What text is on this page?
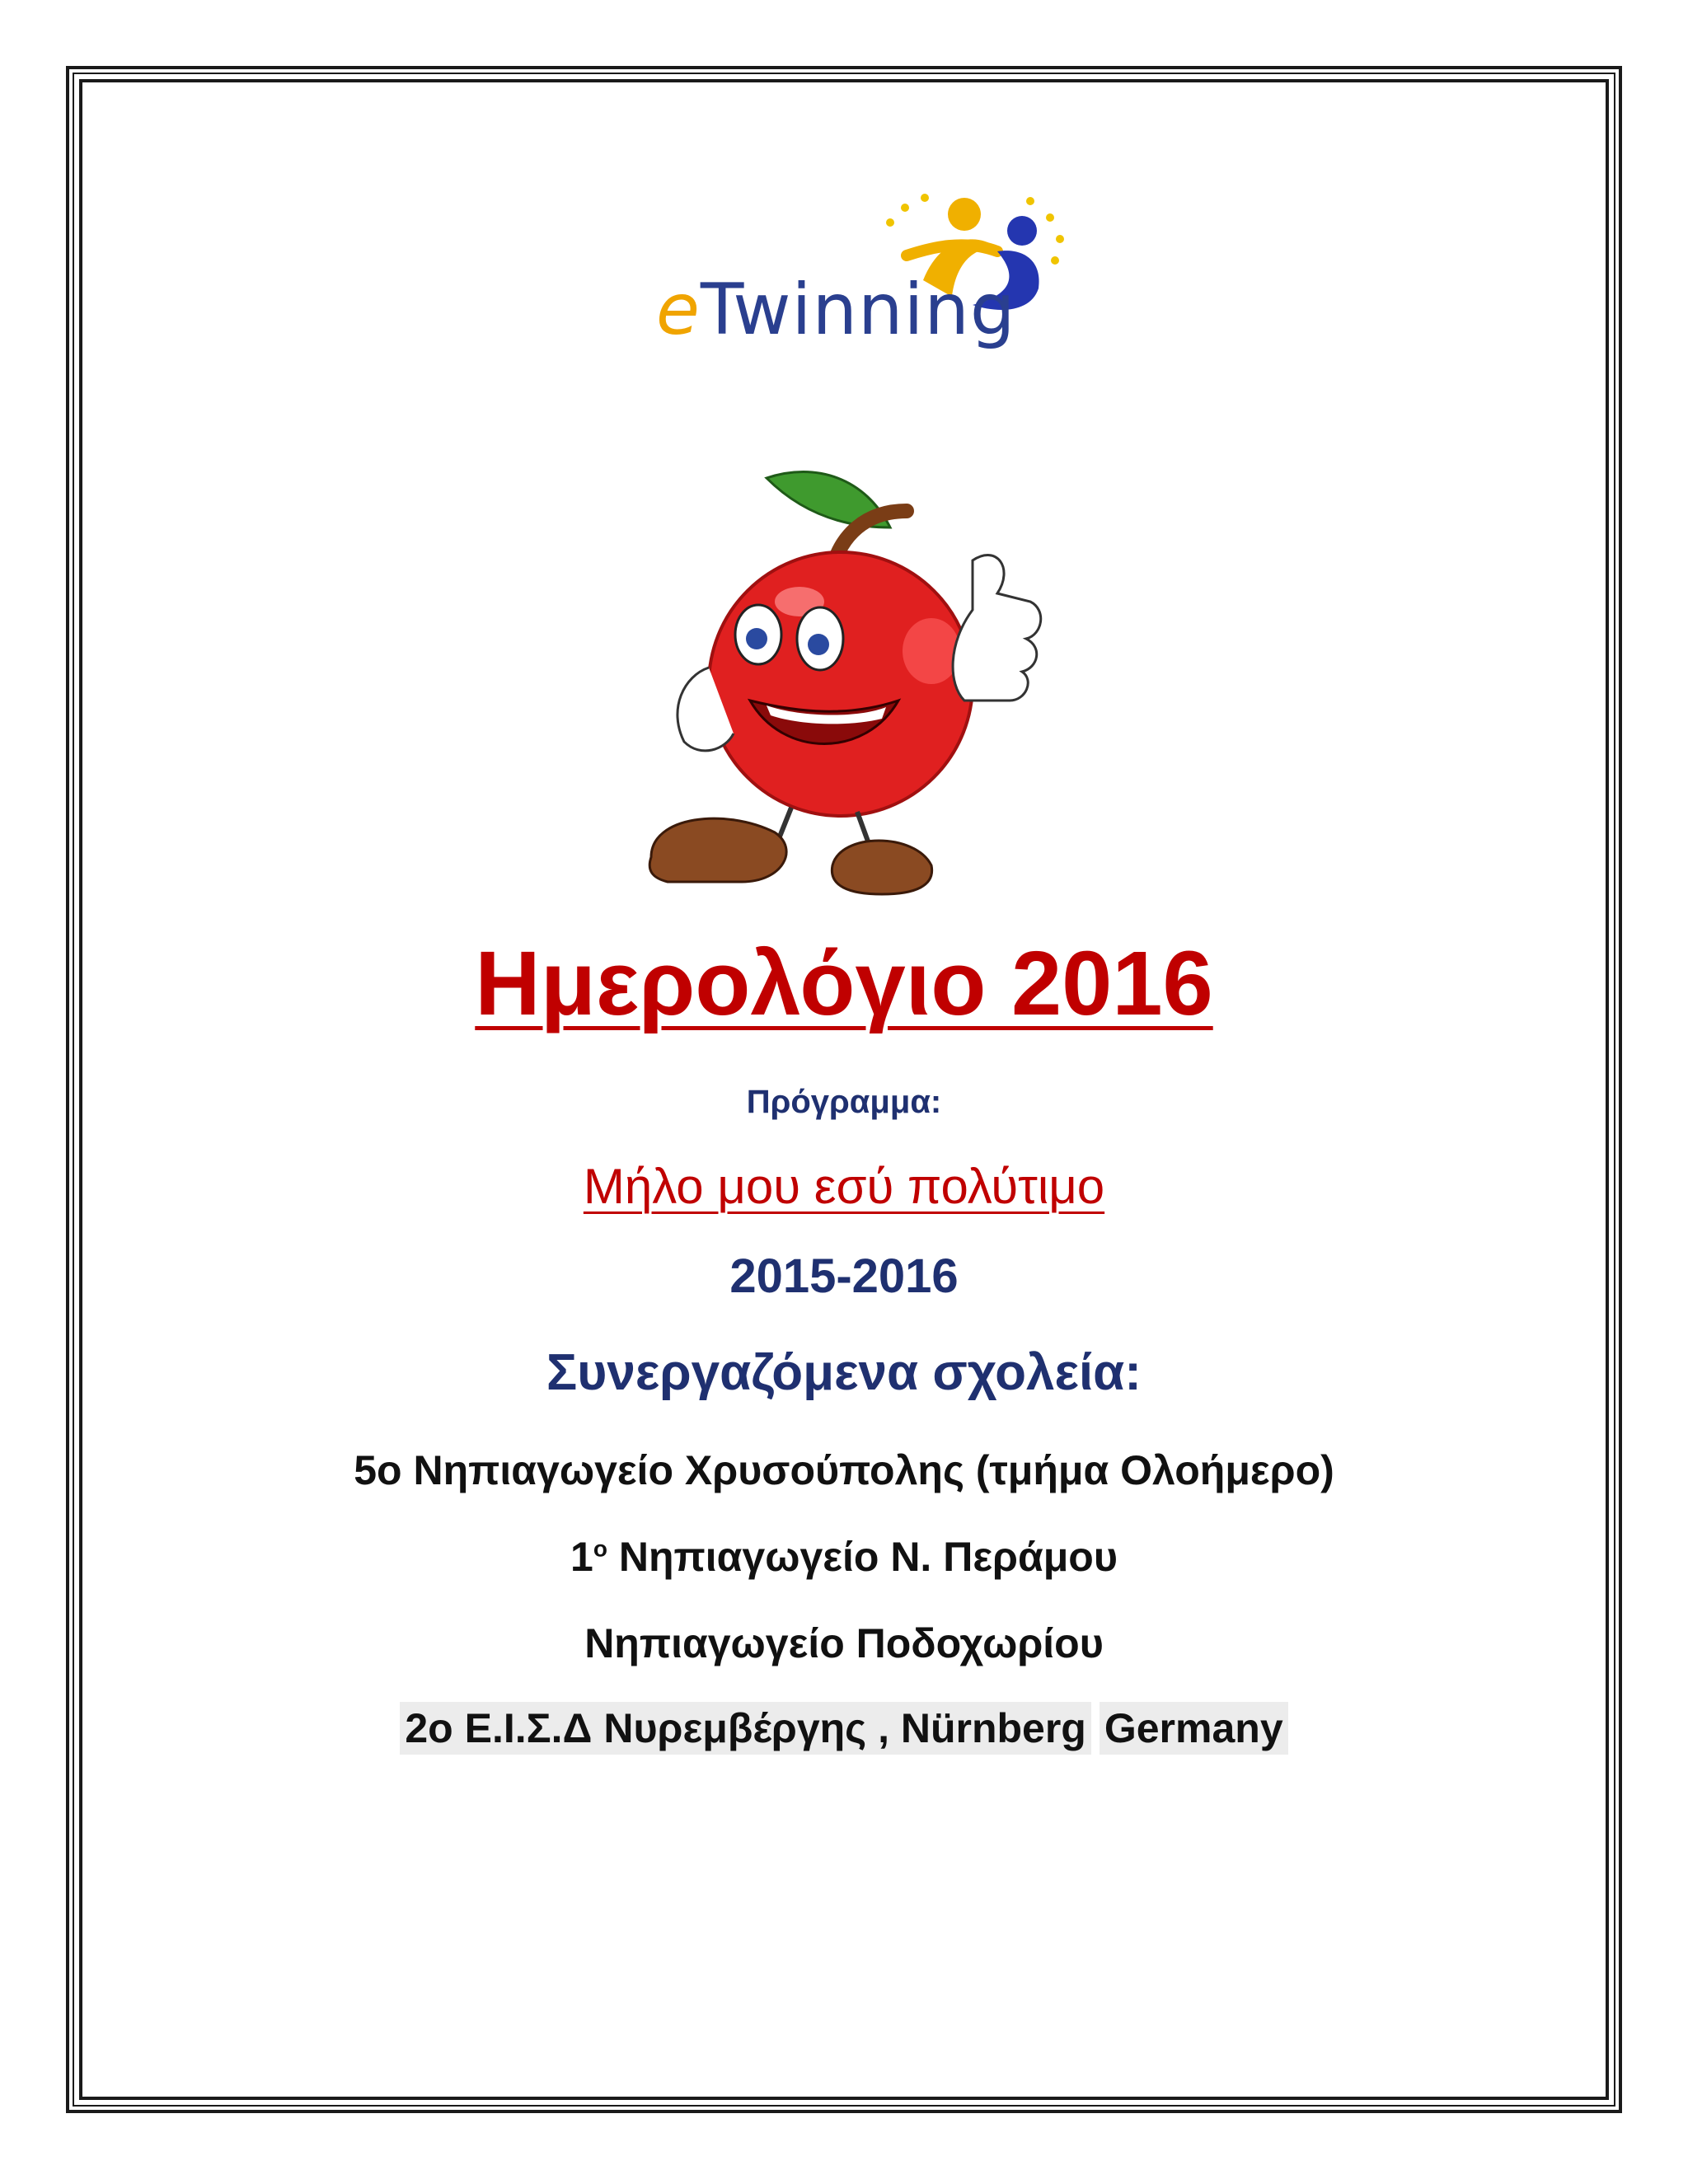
eTwinning
Ημερολόγιο 2016
Πρόγραμμα:
Μήλο μου εσύ πολύτιμο
2015-2016
Συνεργαζόμενα σχολεία:
5ο Νηπιαγωγείο Χρυσούπολης (τμήμα Ολοήμερο)
$1^o$ Νηπιαγωγείο Ν. Περάμου
Νηπιαγωγείο Ποδοχωρίου
2ο Ε.Ι.Σ.Δ Νυρεμβέργης , Nürnberg Germany
